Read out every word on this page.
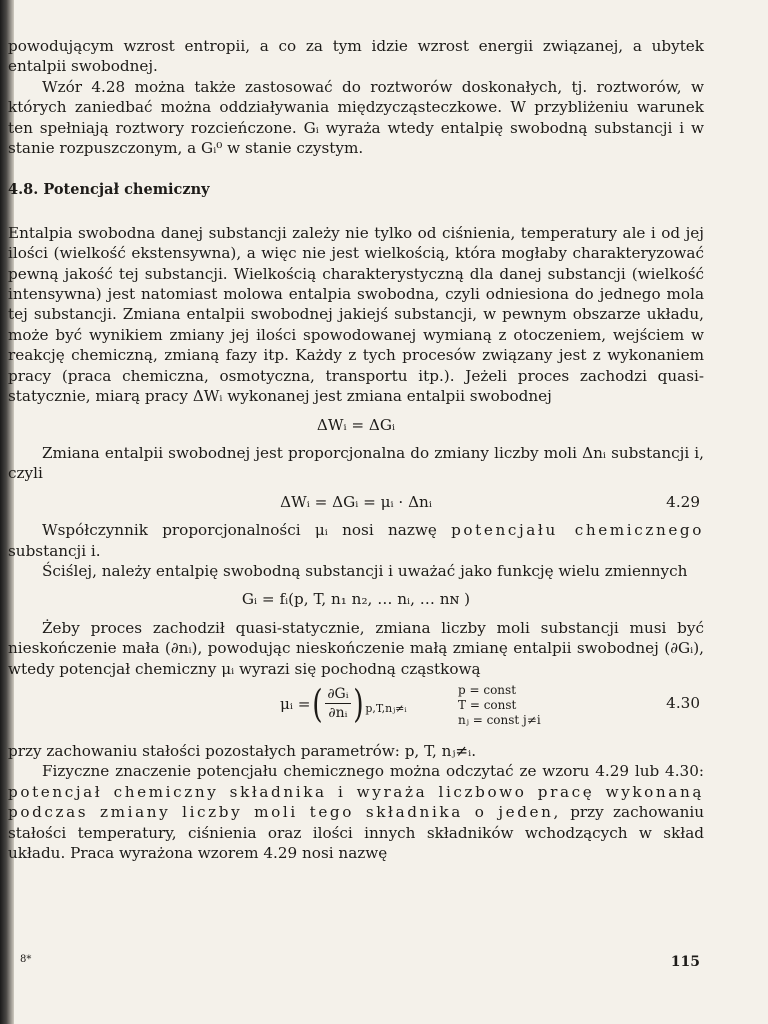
powodującym wzrost entropii, a co za tym idzie wzrost energii związanej, a ubytek entalpii swobodnej.

Wzór 4.28 można także zastosować do roztworów doskonałych, tj. roztworów, w których zaniedbać można oddziaływania międzycząsteczkowe. W przybliżeniu warunek ten spełniają roztwory rozcieńczone. Gᵢ wyraża wtedy entalpię swobodną substancji i w stanie rozpuszczonym, a Gᵢ⁰ w stanie czystym.

4.8. Potencjał chemiczny

Entalpia swobodna danej substancji zależy nie tylko od ciśnienia, temperatury ale i od jej ilości (wielkość ekstensywna), a więc nie jest wielkością, która mogłaby charakteryzować pewną jakość tej substancji. Wielkością charakterystyczną dla danej substancji (wielkość intensywna) jest natomiast molowa entalpia swobodna, czyli odniesiona do jednego mola tej substancji. Zmiana entalpii swobodnej jakiejś substancji, w pewnym obszarze układu, może być wynikiem zmiany jej ilości spowodowanej wymianą z otoczeniem, wejściem w reakcję chemiczną, zmianą fazy itp. Każdy z tych procesów związany jest z wykonaniem pracy (praca chemiczna, osmotyczna, transportu itp.). Jeżeli proces zachodzi quasi-statycznie, miarą pracy ΔWᵢ wykonanej jest zmiana entalpii swobodnej

ΔWᵢ = ΔGᵢ

Zmiana entalpii swobodnej jest proporcjonalna do zmiany liczby moli Δnᵢ substancji i, czyli

ΔWᵢ = ΔGᵢ = μᵢ · Δnᵢ	4.29

Współczynnik proporcjonalności μᵢ nosi nazwę potencjału chemicznego substancji i.

Ściślej, należy entalpię swobodną substancji i uważać jako funkcję wielu zmiennych

Gᵢ = fᵢ(p, T, n₁ n₂, … nᵢ, … nɴ )

Żeby proces zachodził quasi-statycznie, zmiana liczby moli substancji musi być nieskończenie mała (∂nᵢ), powodując nieskończenie małą zmianę entalpii swobodnej (∂Gᵢ), wtedy potencjał chemiczny μᵢ wyrazi się pochodną cząstkową

μᵢ = ( $\frac{\text{∂Gᵢ}}{\text{∂nᵢ}}$ ) p,T,nⱼ≠ᵢ
p = const
T = const
nⱼ = const j≠i
4.30

przy zachowaniu stałości pozostałych parametrów: p, T, nⱼ≠ᵢ.

Fizyczne znaczenie potencjału chemicznego można odczytać ze wzoru 4.29 lub 4.30: potencjał chemiczny składnika i wyraża liczbowo pracę wykonaną podczas zmiany liczby moli tego składnika o jeden, przy zachowaniu stałości temperatury, ciśnienia oraz ilości innych składników wchodzących w skład układu. Praca wyrażona wzorem 4.29 nosi nazwę

8*	115
